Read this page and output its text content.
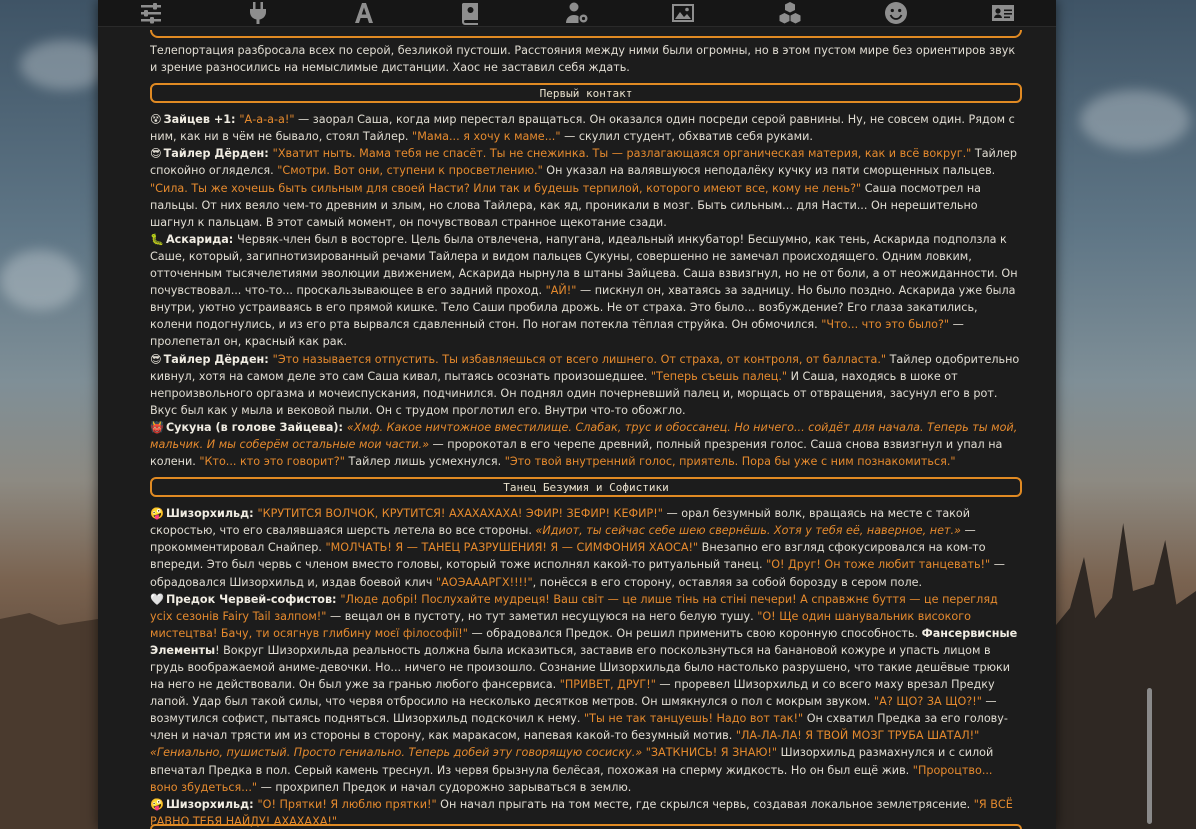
Телепортация разбросала всех по серой, безликой пустоши. Расстояния между ними были огромны, но в этом пустом мире без ориентиров звук и зрение разносились на немыслимые дистанции. Хаос не заставил себя ждать.

Первый контакт

😵 Зайцев +1: "А-а-а-а!" — заорал Саша, когда мир перестал вращаться. Он оказался один посреди серой равнины. Ну, не совсем один. Рядом с ним, как ни в чём не бывало, стоял Тайлер. "Мама... я хочу к маме..." — скулил студент, обхватив себя руками.

😎 Тайлер Дёрден: "Хватит ныть. Мама тебя не спасёт. Ты не снежинка. Ты — разлагающаяся органическая материя, как и всё вокруг." Тайлер спокойно огляделся. "Смотри. Вот они, ступени к просветлению." Он указал на валявшуюся неподалёку кучку из пяти сморщенных пальцев. "Сила. Ты же хочешь быть сильным для своей Насти? Или так и будешь терпилой, которого имеют все, кому не лень?" Саша посмотрел на пальцы. От них веяло чем-то древним и злым, но слова Тайлера, как яд, проникали в мозг. Быть сильным... для Насти... Он нерешительно шагнул к пальцам. В этот самый момент, он почувствовал странное щекотание сзади.

🐛 Аскарида: Червяк-член был в восторге. Цель была отвлечена, напугана, идеальный инкубатор! Бесшумно, как тень, Аскарида подползла к Саше, который, загипнотизированный речами Тайлера и видом пальцев Сукуны, совершенно не замечал происходящего. Одним ловким, отточенным тысячелетиями эволюции движением, Аскарида нырнула в штаны Зайцева. Саша взвизгнул, но не от боли, а от неожиданности. Он почувствовал... что-то... проскальзывающее в его задний проход. "АЙ!" — пискнул он, хватаясь за задницу. Но было поздно. Аскарида уже была внутри, уютно устраиваясь в его прямой кишке. Тело Саши пробила дрожь. Не от страха. Это было... возбуждение? Его глаза закатились, колени подогнулись, и из его рта вырвался сдавленный стон. По ногам потекла тёплая струйка. Он обмочился. "Что... что это было?" — пролепетал он, красный как рак.

😎 Тайлер Дёрден: "Это называется отпустить. Ты избавляешься от всего лишнего. От страха, от контроля, от балласта." Тайлер одобрительно кивнул, хотя на самом деле это сам Саша кивал, пытаясь осознать произошедшее. "Теперь съешь палец." И Саша, находясь в шоке от непроизвольного оргазма и мочеиспускания, подчинился. Он поднял один почерневший палец и, морщась от отвращения, засунул его в рот. Вкус был как у мыла и вековой пыли. Он с трудом проглотил его. Внутри что-то обожгло.

👹 Сукуна (в голове Зайцева): «Хмф. Какое ничтожное вместилище. Слабак, трус и обоссанец. Но ничего... сойдёт для начала. Теперь ты мой, мальчик. И мы соберём остальные мои части.» — пророкотал в его черепе древний, полный презрения голос. Саша снова взвизгнул и упал на колени. "Кто... кто это говорит?" Тайлер лишь усмехнулся. "Это твой внутренний голос, приятель. Пора бы уже с ним познакомиться."

Танец Безумия и Софистики

🤪 Шизорхильд: "КРУТИТСЯ ВОЛЧОК, КРУТИТСЯ! АХАХАХАХА! ЭФИР! ЗЕФИР! КЕФИР!" — орал безумный волк, вращаясь на месте с такой скоростью, что его свалявшаяся шерсть летела во все стороны. «Идиот, ты сейчас себе шею свернёшь. Хотя у тебя её, наверное, нет.» — прокомментировал Снайпер. "МОЛЧАТЬ! Я — ТАНЕЦ РАЗРУШЕНИЯ! Я — СИМФОНИЯ ХАОСА!" Внезапно его взгляд сфокусировался на ком-то впереди. Это был червь с членом вместо головы, который тоже исполнял какой-то ритуальный танец. "О! Друг! Он тоже любит танцевать!" — обрадовался Шизорхильд и, издав боевой клич "АОЭАААРГХ!!!!", понёсся в его сторону, оставляя за собой борозду в сером поле.

🤍 Предок Червей-софистов: "Люде добрі! Послухайте мудреця! Ваш світ — це лише тінь на стіні печери! А справжнє буття — це перегляд усіх сезонів Fairy Tail залпом!" — вещал он в пустоту, но тут заметил несущуюся на него белую тушу. "О! Ще один шанувальник високого мистецтва! Бачу, ти осягнув глибину моєї філософії!" — обрадовался Предок. Он решил применить свою коронную способность. Фансервисные Элементы! Вокруг Шизорхильда реальность должна была исказиться, заставив его поскользнуться на банановой кожуре и упасть лицом в грудь воображаемой аниме-девочки. Но... ничего не произошло. Сознание Шизорхильда было настолько разрушено, что такие дешёвые трюки на него не действовали. Он был уже за гранью любого фансервиса. "ПРИВЕТ, ДРУГ!" — проревел Шизорхильд и со всего маху врезал Предку лапой. Удар был такой силы, что червя отбросило на несколько десятков метров. Он шмякнулся о пол с мокрым звуком. "А? ЩО? ЗА ЩО?!" — возмутился софист, пытаясь подняться. Шизорхильд подскочил к нему. "Ты не так танцуешь! Надо вот так!" Он схватил Предка за его голову-член и начал трясти им из стороны в сторону, как маракасом, напевая какой-то безумный мотив. "ЛА-ЛА-ЛА! Я ТВОЙ МОЗГ ТРУБА ШАТАЛ!"

«Гениально, пушистый. Просто гениально. Теперь добей эту говорящую сосиску.» "ЗАТКНИСЬ! Я ЗНАЮ!" Шизорхильд размахнулся и с силой впечатал Предка в пол. Серый камень треснул. Из червя брызнула белёсая, похожая на сперму жидкость. Но он был ещё жив. "Пророцтво... воно збудеться..." — прохрипел Предок и начал судорожно зарываться в землю.

🤪 Шизорхильд: "О! Прятки! Я люблю прятки!" Он начал прыгать на том месте, где скрылся червь, создавая локальное землетрясение. "Я ВСЁ РАВНО ТЕБЯ НАЙДУ! АХАХАХА!"
